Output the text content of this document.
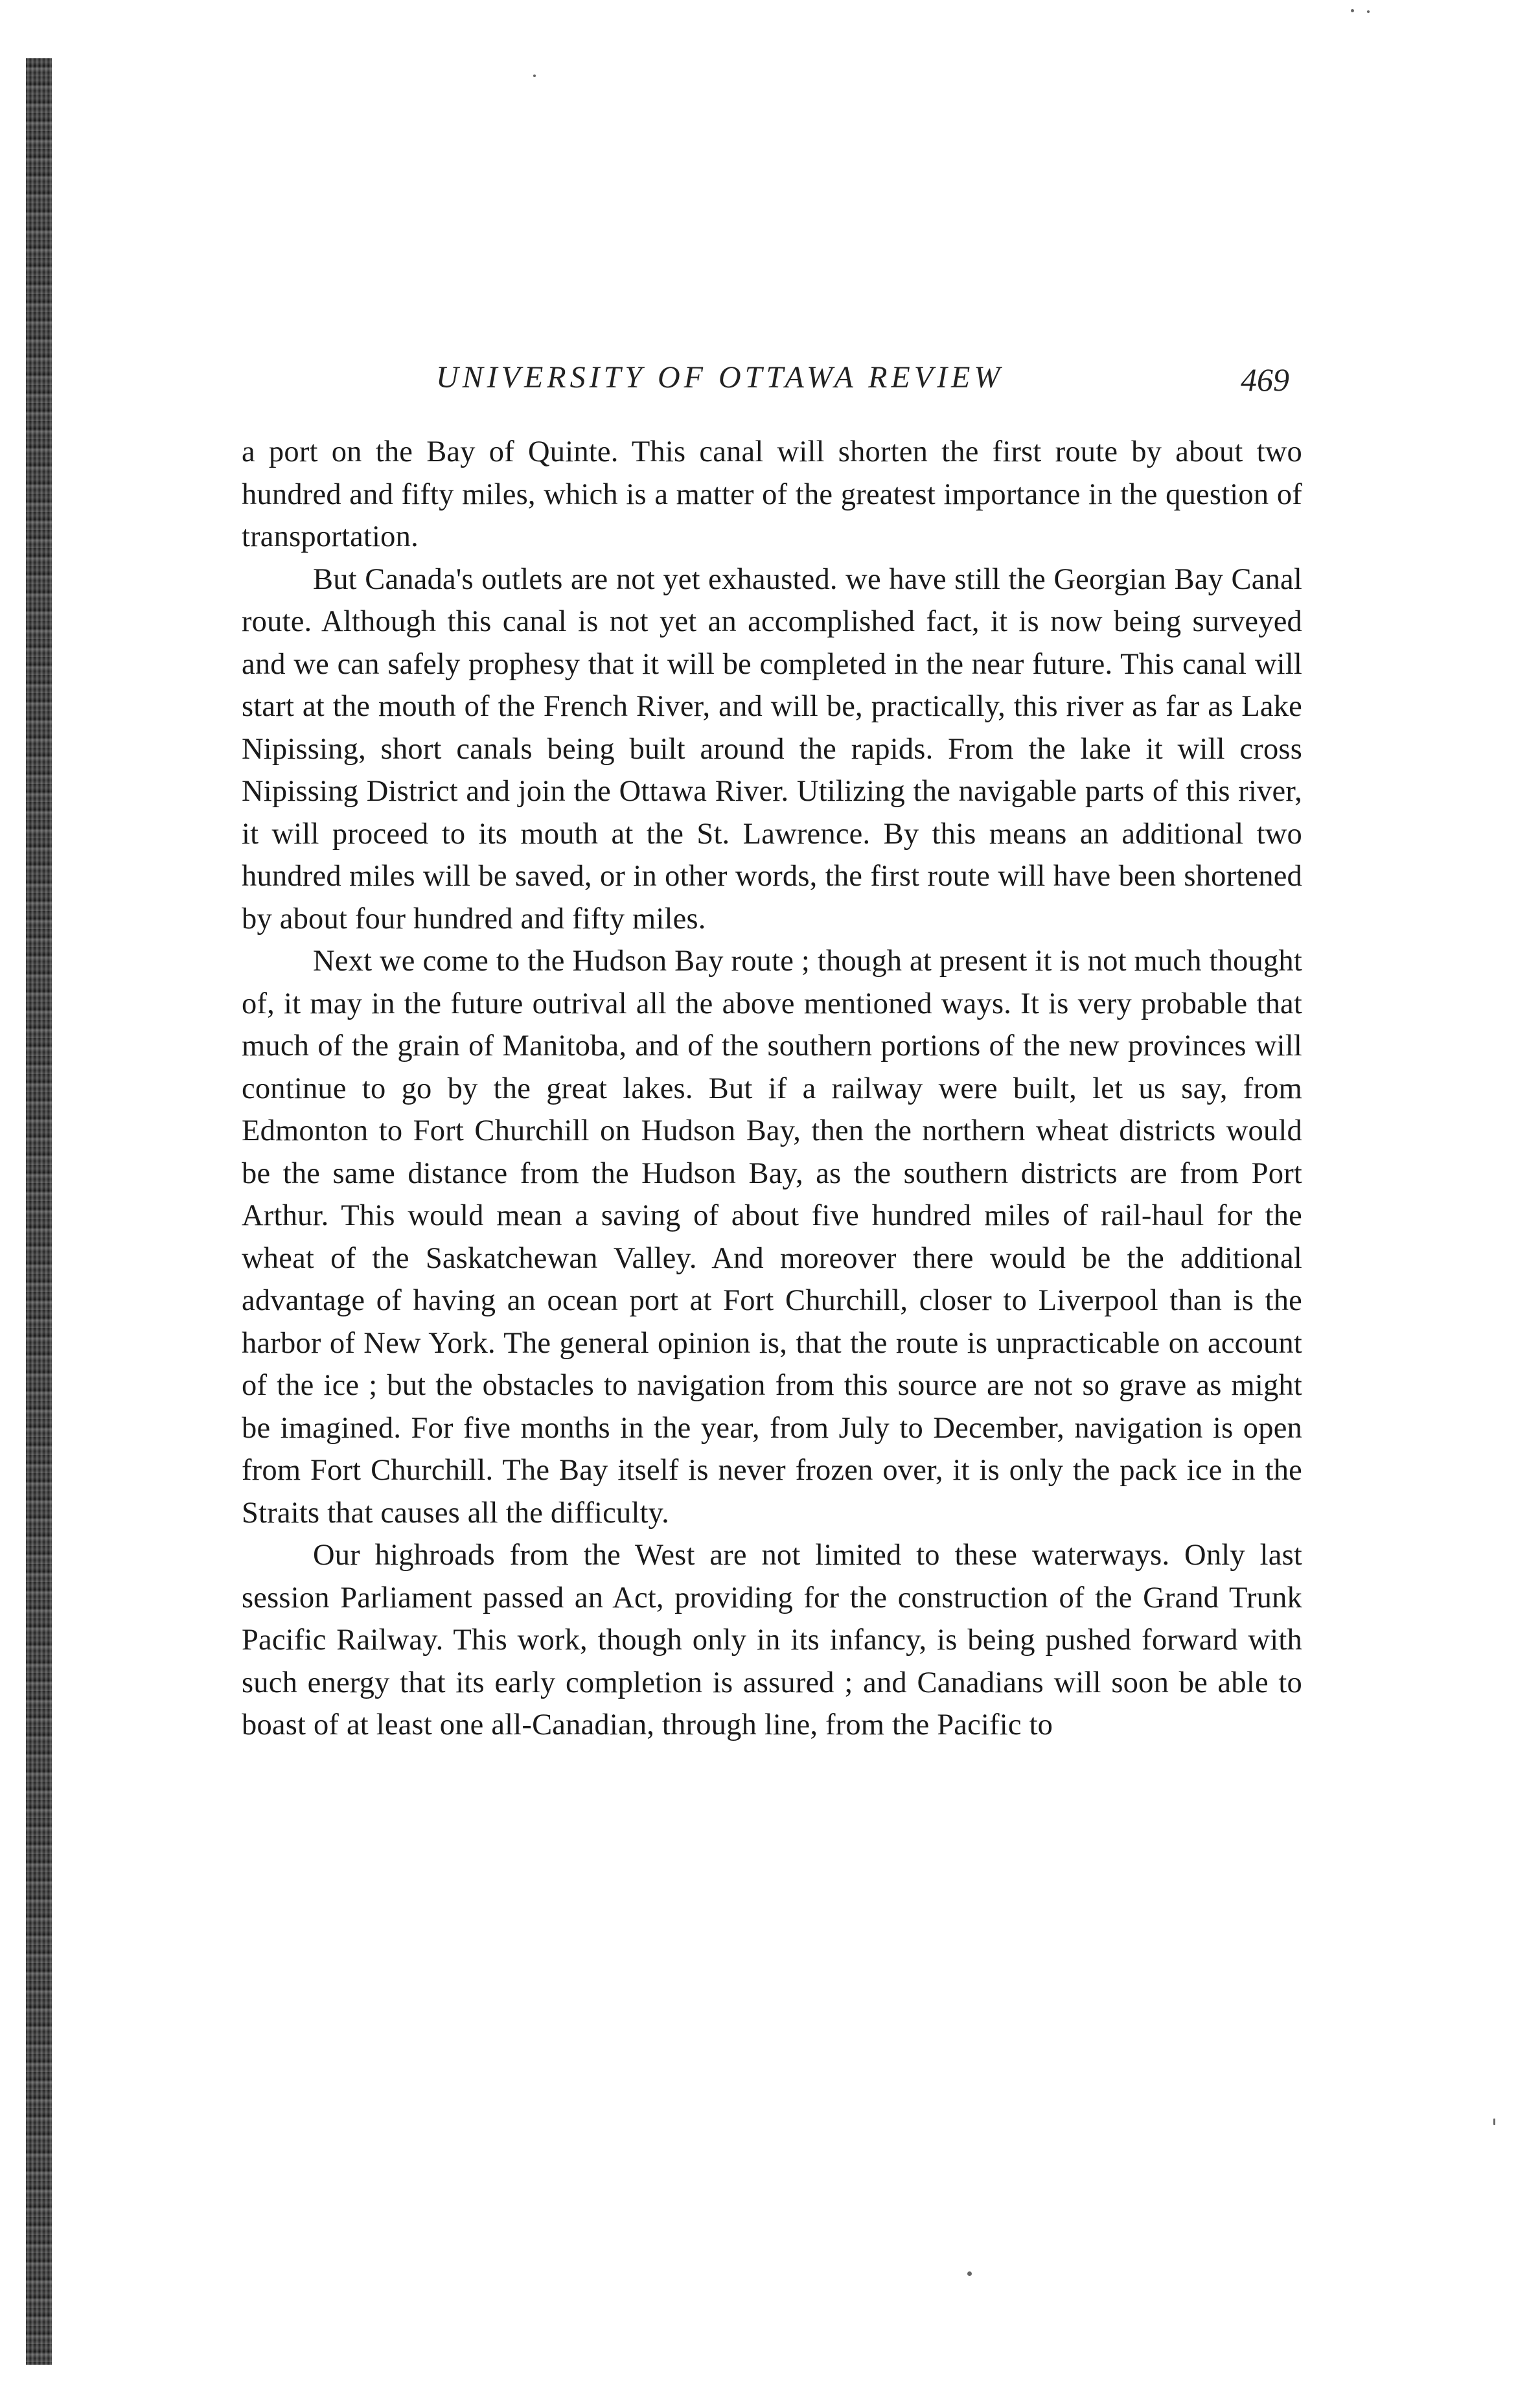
UNIVERSITY OF OTTAWA REVIEW	469

a port on the Bay of Quinte. This canal will shorten the first route by about two hundred and fifty miles, which is a matter of the greatest importance in the question of transportation.

But Canada's outlets are not yet exhausted. we have still the Georgian Bay Canal route. Although this canal is not yet an accomplished fact, it is now being surveyed and we can safely prophesy that it will be completed in the near future. This canal will start at the mouth of the French River, and will be, practically, this river as far as Lake Nipissing, short canals being built around the rapids. From the lake it will cross Nipissing District and join the Ottawa River. Utilizing the navigable parts of this river, it will proceed to its mouth at the St. Lawrence. By this means an additional two hundred miles will be saved, or in other words, the first route will have been shortened by about four hundred and fifty miles.

Next we come to the Hudson Bay route ; though at present it is not much thought of, it may in the future outrival all the above mentioned ways. It is very probable that much of the grain of Manitoba, and of the southern portions of the new provinces will continue to go by the great lakes. But if a railway were built, let us say, from Edmonton to Fort Churchill on Hudson Bay, then the northern wheat districts would be the same distance from the Hudson Bay, as the southern districts are from Port Arthur. This would mean a saving of about five hundred miles of rail-haul for the wheat of the Saskatchewan Valley. And moreover there would be the additional advantage of having an ocean port at Fort Churchill, closer to Liverpool than is the harbor of New York. The general opinion is, that the route is unpracticable on account of the ice ; but the obstacles to navigation from this source are not so grave as might be imagined. For five months in the year, from July to December, navigation is open from Fort Churchill. The Bay itself is never frozen over, it is only the pack ice in the Straits that causes all the difficulty.

Our highroads from the West are not limited to these waterways. Only last session Parliament passed an Act, providing for the construction of the Grand Trunk Pacific Railway. This work, though only in its infancy, is being pushed forward with such energy that its early completion is assured ; and Canadians will soon be able to boast of at least one all-Canadian, through line, from the Pacific to
